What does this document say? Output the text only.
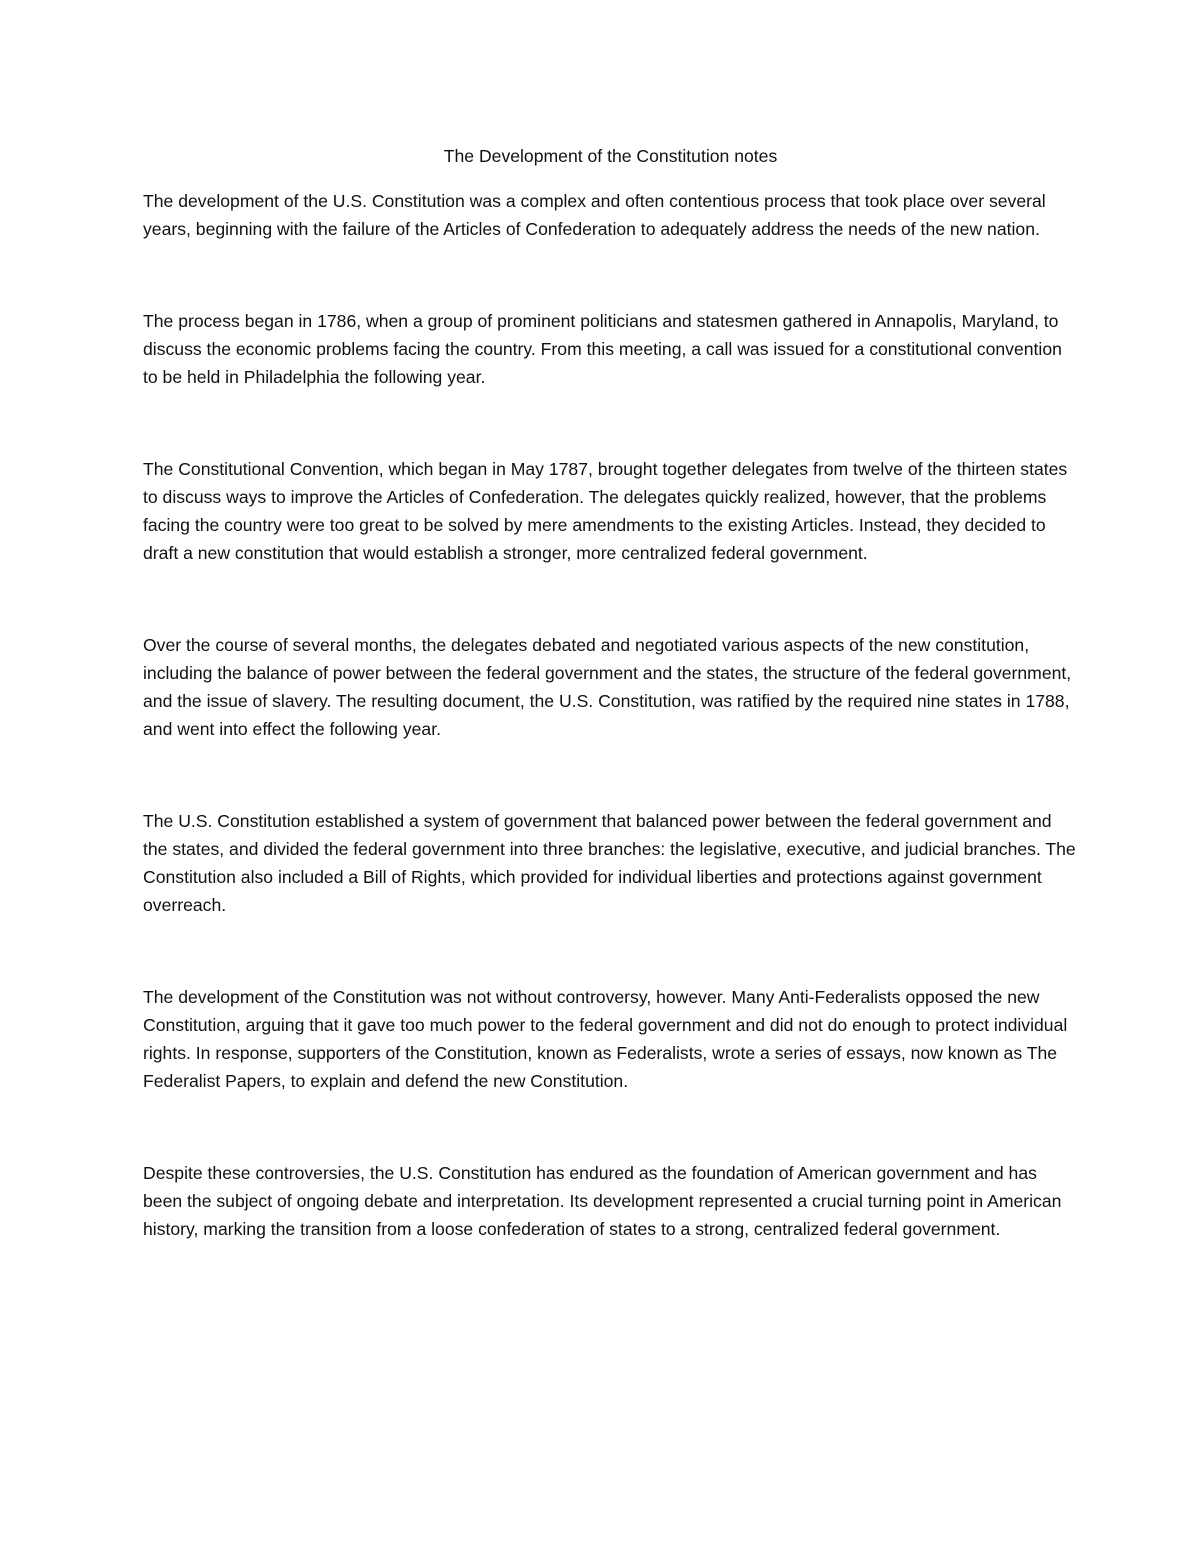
The Development of the Constitution notes

The development of the U.S. Constitution was a complex and often contentious process that took place over several years, beginning with the failure of the Articles of Confederation to adequately address the needs of the new nation.

The process began in 1786, when a group of prominent politicians and statesmen gathered in Annapolis, Maryland, to discuss the economic problems facing the country. From this meeting, a call was issued for a constitutional convention to be held in Philadelphia the following year.

The Constitutional Convention, which began in May 1787, brought together delegates from twelve of the thirteen states to discuss ways to improve the Articles of Confederation. The delegates quickly realized, however, that the problems facing the country were too great to be solved by mere amendments to the existing Articles. Instead, they decided to draft a new constitution that would establish a stronger, more centralized federal government.

Over the course of several months, the delegates debated and negotiated various aspects of the new constitution, including the balance of power between the federal government and the states, the structure of the federal government, and the issue of slavery. The resulting document, the U.S. Constitution, was ratified by the required nine states in 1788, and went into effect the following year.

The U.S. Constitution established a system of government that balanced power between the federal government and the states, and divided the federal government into three branches: the legislative, executive, and judicial branches. The Constitution also included a Bill of Rights, which provided for individual liberties and protections against government overreach.

The development of the Constitution was not without controversy, however. Many Anti-Federalists opposed the new Constitution, arguing that it gave too much power to the federal government and did not do enough to protect individual rights. In response, supporters of the Constitution, known as Federalists, wrote a series of essays, now known as The Federalist Papers, to explain and defend the new Constitution.

Despite these controversies, the U.S. Constitution has endured as the foundation of American government and has been the subject of ongoing debate and interpretation. Its development represented a crucial turning point in American history, marking the transition from a loose confederation of states to a strong, centralized federal government.
